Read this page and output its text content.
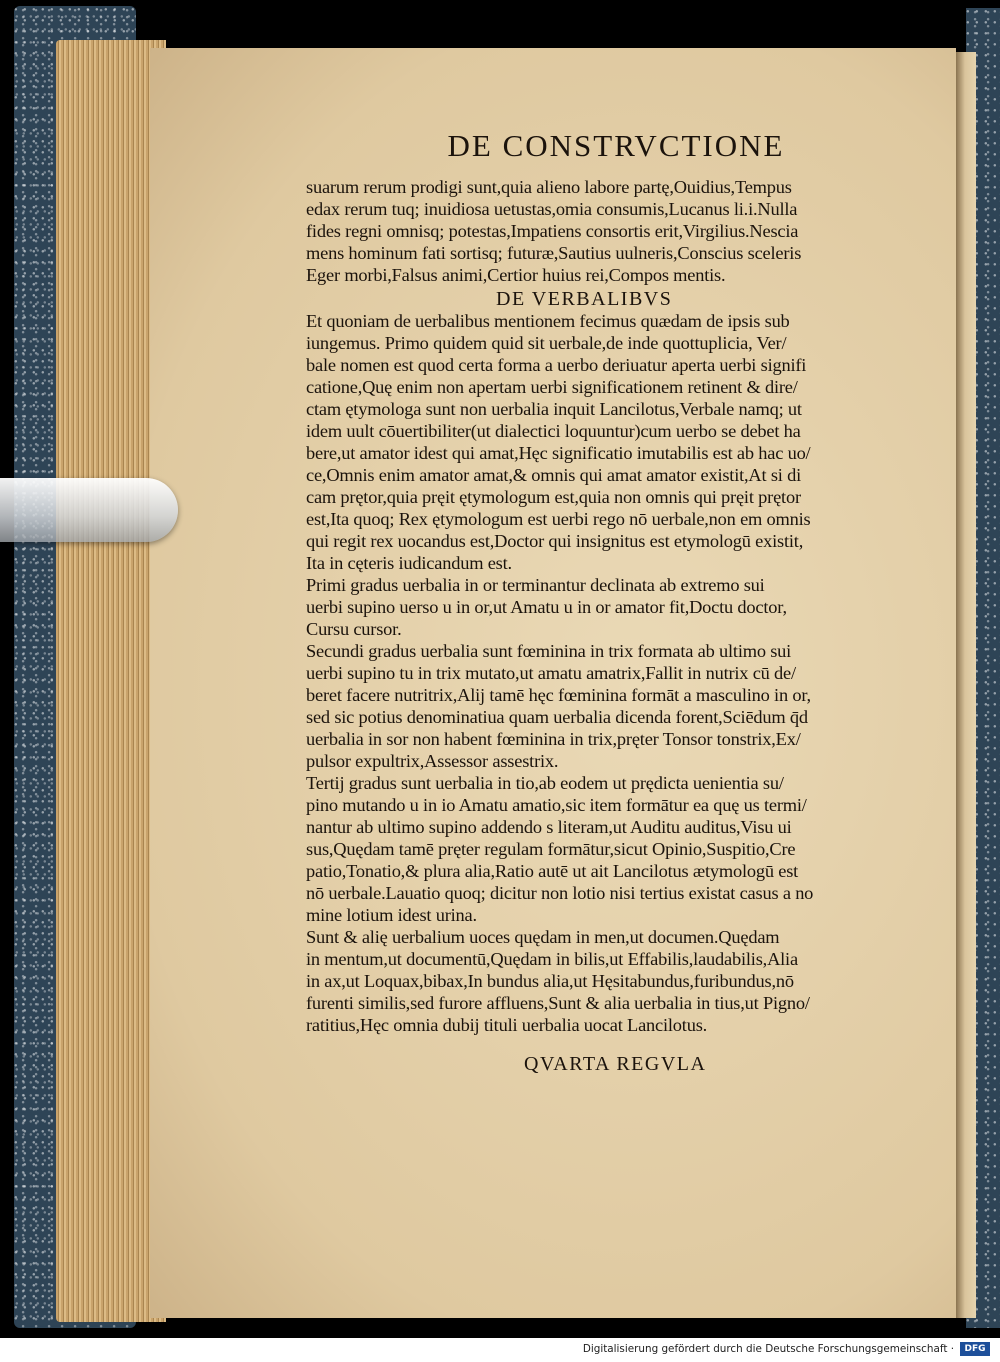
DE CONSTRVCTIONE
suarum rerum prodigi sunt,quia alieno labore partę,Ouidius,Tempus
edax rerum tuq; inuidiosa uetustas,omia consumis,Lucanus li.i.Nulla
fides regni omnisq; potestas,Impatiens consortis erit,Virgilius.Nescia
mens hominum fati sortisq; futuræ,Sautius uulneris,Conscius sceleris
Eger morbi,Falsus animi,Certior huius rei,Compos mentis.
DE VERBALIBVS
Et quoniam de uerbalibus mentionem fecimus quædam de ipsis sub
iungemus. Primo quidem quid sit uerbale,de inde quottuplicia, Ver/
bale nomen est quod certa forma a uerbo deriuatur aperta uerbi signifi
catione,Quę enim non apertam uerbi significationem retinent & dire/
ctam ętymologa sunt non uerbalia inquit Lancilotus,Verbale namq; ut
idem uult cōuertibiliter(ut dialectici loquuntur)cum uerbo se debet ha
bere,ut amator idest qui amat,Hęc significatio imutabilis est ab hac uo/
ce,Omnis enim amator amat,& omnis qui amat amator existit,At si di
cam prętor,quia pręit ętymologum est,quia non omnis qui pręit prętor
est,Ita quoq; Rex ętymologum est uerbi rego nō uerbale,non em omnis
qui regit rex uocandus est,Doctor qui insignitus est etymologū existit,
Ita in cęteris iudicandum est.
Primi gradus uerbalia in or terminantur declinata ab extremo sui
uerbi supino uerso u in or,ut Amatu u in or amator fit,Doctu doctor,
Cursu cursor.
Secundi gradus uerbalia sunt fœminina in trix formata ab ultimo sui
uerbi supino tu in trix mutato,ut amatu amatrix,Fallit in nutrix cū de/
beret facere nutritrix,Alij tamē hęc fœminina formāt a masculino in or,
sed sic potius denominatiua quam uerbalia dicenda forent,Sciēdum q̄d
uerbalia in sor non habent fœminina in trix,pręter Tonsor tonstrix,Ex/
pulsor expultrix,Assessor assestrix.
Tertij gradus sunt uerbalia in tio,ab eodem ut prędicta uenientia su/
pino mutando u in io Amatu amatio,sic item formātur ea quę us termi/
nantur ab ultimo supino addendo s literam,ut Auditu auditus,Visu ui
sus,Quędam tamē pręter regulam formātur,sicut Opinio,Suspitio,Cre
patio,Tonatio,& plura alia,Ratio autē ut ait Lancilotus ætymologū est
nō uerbale.Lauatio quoq; dicitur non lotio nisi tertius existat casus a no
mine lotium idest urina.
Sunt & alię uerbalium uoces quędam in men,ut documen.Quędam
in mentum,ut documentū,Quędam in bilis,ut Effabilis,laudabilis,Alia
in ax,ut Loquax,bibax,In bundus alia,ut Hęsitabundus,furibundus,nō
furenti similis,sed furore affluens,Sunt & alia uerbalia in tius,ut Pigno/
ratitius,Hęc omnia dubij tituli uerbalia uocat Lancilotus.
QVARTA REGVLA
Digitalisierung gefördert durch die Deutsche Forschungsgemeinschaft ·	DFG
